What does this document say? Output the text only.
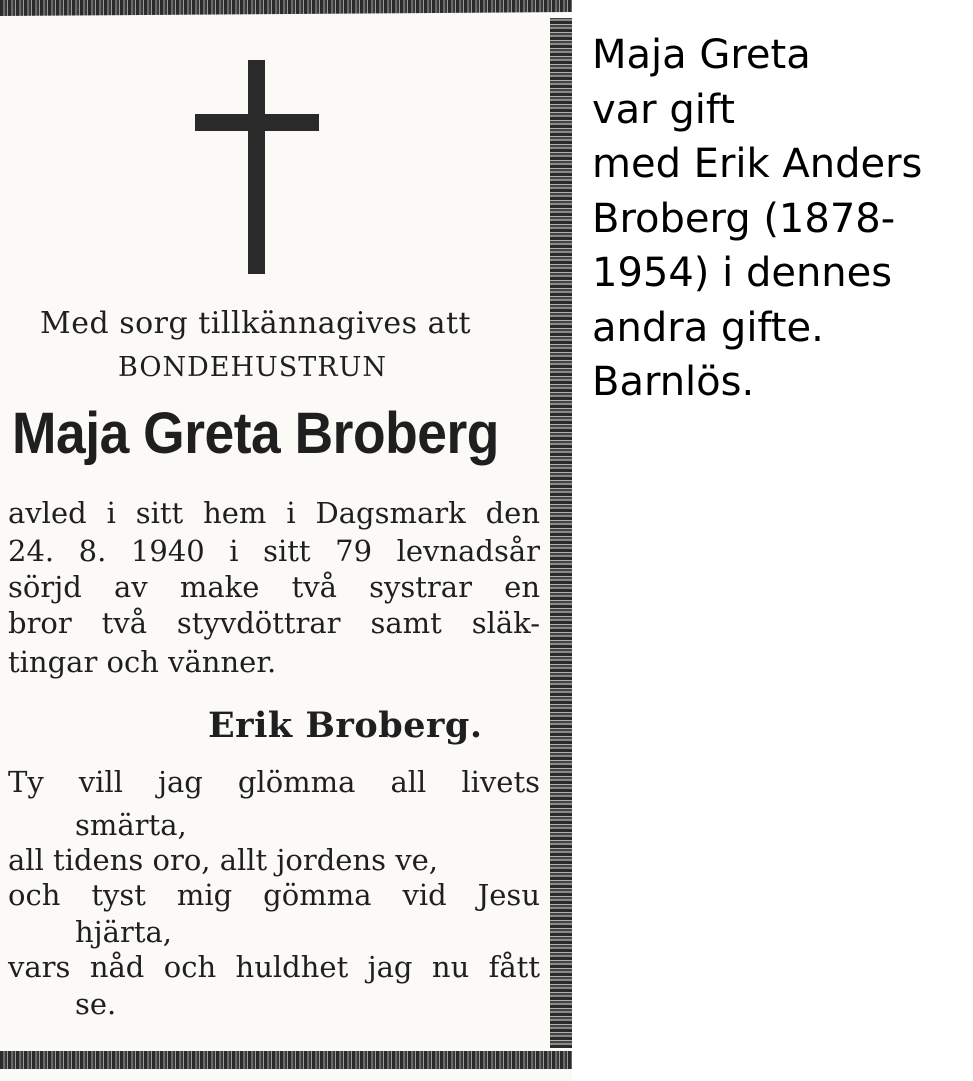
Med sorg tillkännagives att
BONDEHUSTRUN
Maja Greta Broberg
avled i sitt hem i Dagsmark den
24. 8. 1940 i sitt 79 levnadsår
sörjd av make två systrar en
bror två styvdöttrar samt släk-
tingar och vänner.
Erik Broberg.
Ty vill jag glömma all livets
smärta,
all tidens oro, allt jordens ve,
och tyst mig gömma vid Jesu
hjärta,
vars nåd och huldhet jag nu fått
se.
Maja Greta
var gift
med Erik Anders
Broberg (1878-
1954) i dennes
andra gifte.
Barnlös.
